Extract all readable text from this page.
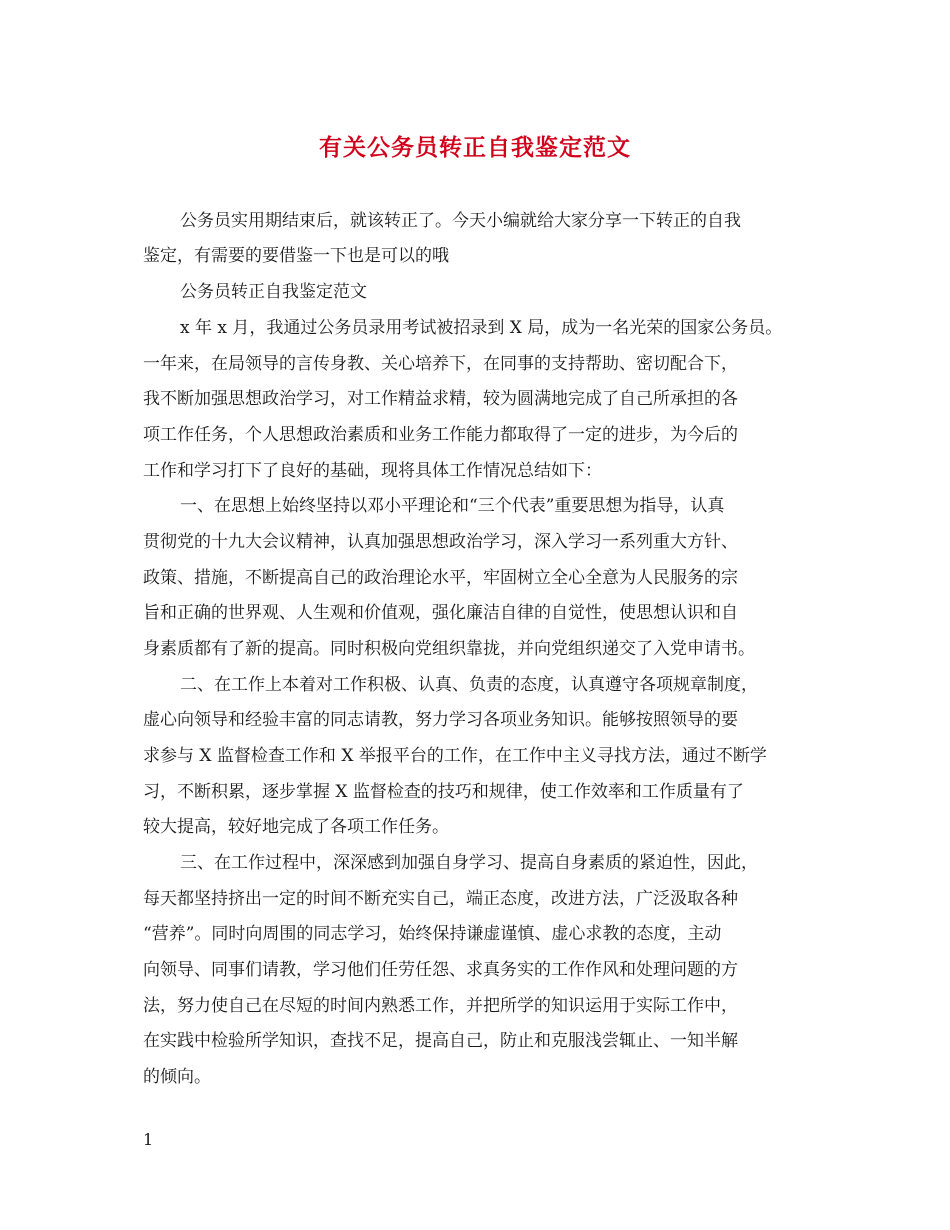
有关公务员转正自我鉴定范文

公务员实用期结束后，就该转正了。今天小编就给大家分享一下转正的自我

鉴定，有需要的要借鉴一下也是可以的哦

公务员转正自我鉴定范文

x 年 x 月，我通过公务员录用考试被招录到 X 局，成为一名光荣的国家公务员。

一年来，在局领导的言传身教、关心培养下，在同事的支持帮助、密切配合下，

我不断加强思想政治学习，对工作精益求精，较为圆满地完成了自己所承担的各

项工作任务，个人思想政治素质和业务工作能力都取得了一定的进步，为今后的

工作和学习打下了良好的基础，现将具体工作情况总结如下：

一、在思想上始终坚持以邓小平理论和“三个代表”重要思想为指导，认真

贯彻党的十九大会议精神，认真加强思想政治学习，深入学习一系列重大方针、

政策、措施，不断提高自己的政治理论水平，牢固树立全心全意为人民服务的宗

旨和正确的世界观、人生观和价值观，强化廉洁自律的自觉性，使思想认识和自

身素质都有了新的提高。同时积极向党组织靠拢，并向党组织递交了入党申请书。

二、在工作上本着对工作积极、认真、负责的态度，认真遵守各项规章制度，

虚心向领导和经验丰富的同志请教，努力学习各项业务知识。能够按照领导的要

求参与 X 监督检查工作和 X 举报平台的工作，在工作中主义寻找方法，通过不断学

习，不断积累，逐步掌握 X 监督检查的技巧和规律，使工作效率和工作质量有了

较大提高，较好地完成了各项工作任务。

三、在工作过程中，深深感到加强自身学习、提高自身素质的紧迫性，因此，

每天都坚持挤出一定的时间不断充实自己，端正态度，改进方法，广泛汲取各种

“营养”。同时向周围的同志学习，始终保持谦虚谨慎、虚心求教的态度，主动

向领导、同事们请教，学习他们任劳任怨、求真务实的工作作风和处理问题的方

法，努力使自己在尽短的时间内熟悉工作，并把所学的知识运用于实际工作中，

在实践中检验所学知识，查找不足，提高自己，防止和克服浅尝辄止、一知半解

的倾向。

1
